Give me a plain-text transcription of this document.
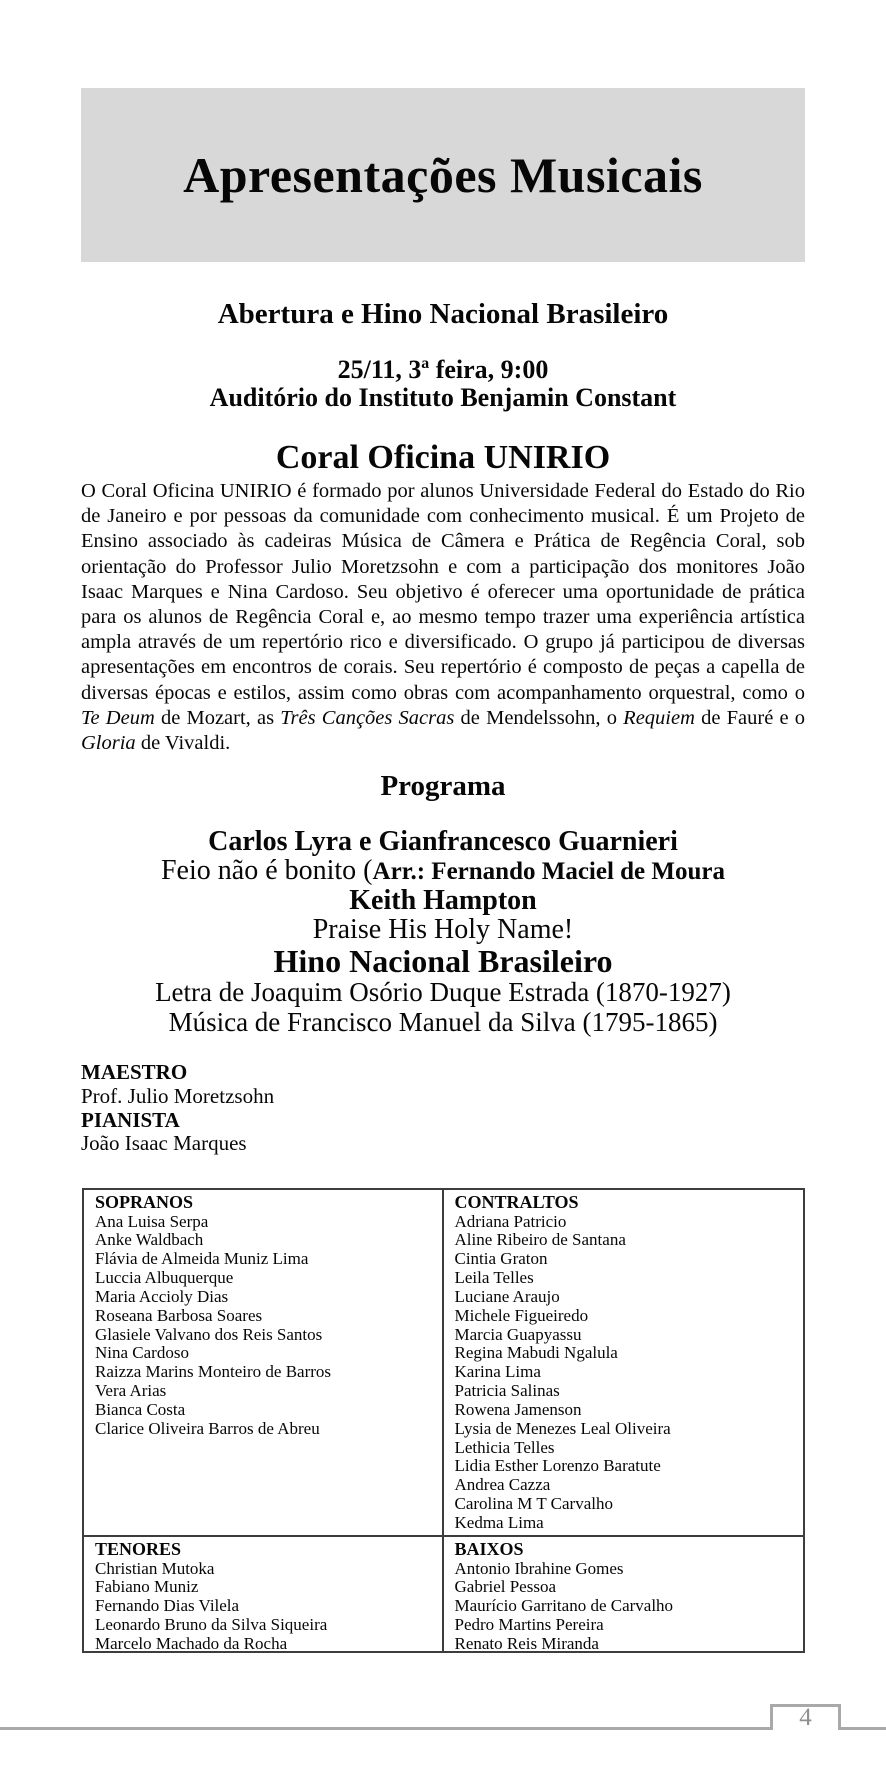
Apresentações Musicais
Abertura e Hino Nacional Brasileiro
25/11, 3ª feira, 9:00
Auditório do Instituto Benjamin Constant
Coral Oficina UNIRIO
O Coral Oficina UNIRIO é formado por alunos Universidade Federal do Estado do Rio de Janeiro e por pessoas da comunidade com conhecimento musical. É um Projeto de Ensino associado às cadeiras Música de Câmera e Prática de Regência Coral, sob orientação do Professor Julio Moretzsohn e com a participação dos monitores João Isaac Marques e Nina Cardoso. Seu objetivo é oferecer uma oportunidade de prática para os alunos de Regência Coral e, ao mesmo tempo trazer uma experiência artística ampla através de um repertório rico e diversificado. O grupo já participou de diversas apresentações em encontros de corais. Seu repertório é composto de peças a capella de diversas épocas e estilos, assim como obras com acompanhamento orquestral, como o Te Deum de Mozart, as Três Canções Sacras de Mendelssohn, o Requiem de Fauré e o Gloria de Vivaldi.
Programa
Carlos Lyra e Gianfrancesco Guarnieri
Feio não é bonito (Arr.: Fernando Maciel de Moura
Keith Hampton
Praise His Holy Name!
Hino Nacional Brasileiro
Letra de Joaquim Osório Duque Estrada (1870-1927)
Música de Francisco Manuel da Silva (1795-1865)
MAESTRO
Prof. Julio Moretzsohn
PIANISTA
João Isaac Marques
SOPRANOS
Ana Luisa Serpa
Anke Waldbach
Flávia de Almeida Muniz Lima
Luccia Albuquerque
Maria Accioly Dias
Roseana Barbosa Soares
Glasiele Valvano dos Reis Santos
Nina Cardoso
Raizza Marins Monteiro de Barros
Vera Arias
Bianca Costa
Clarice Oliveira Barros de Abreu
CONTRALTOS
Adriana Patricio
Aline Ribeiro de Santana
Cintia Graton
Leila Telles
Luciane Araujo
Michele Figueiredo
Marcia Guapyassu
Regina Mabudi Ngalula
Karina Lima
Patricia Salinas
Rowena Jamenson
Lysia de Menezes Leal Oliveira
Lethicia Telles
Lidia Esther Lorenzo Baratute
Andrea Cazza
Carolina M T Carvalho
Kedma Lima
TENORES
Christian Mutoka
Fabiano Muniz
Fernando Dias Vilela
Leonardo Bruno da Silva Siqueira
Marcelo Machado da Rocha
BAIXOS
Antonio Ibrahine Gomes
Gabriel Pessoa
Maurício Garritano de Carvalho
Pedro Martins Pereira
Renato Reis Miranda
4
